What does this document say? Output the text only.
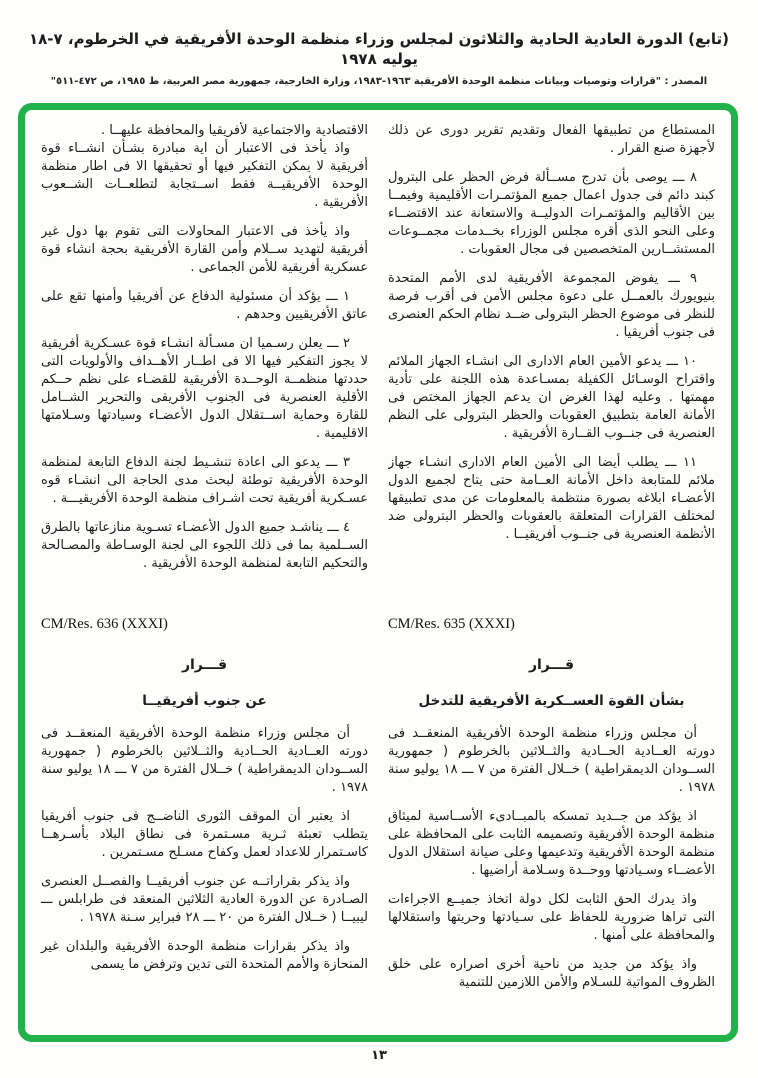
(تابع) الدورة العادية الحادية والثلاثون لمجلس وزراء منظمة الوحدة الأفريقية في الخرطوم، ٧-١٨ يوليه ١٩٧٨
المصدر : "قرارات وتوصيات وبيانات منظمة الوحدة الأفريقية ١٩٦٣-١٩٨٣، وزارة الخارجية، جمهورية مصر العربية، ط ١٩٨٥، ص ٤٧٢-٥١١"

المستطاع من تطبيقها الفعال وتقديم تقرير دورى عن ذلك لأجهزة صنع القرار .

٨ ـــ يوصى بأن تدرج مســألة فرض الحظر على البترول كبند دائم فى جدول اعمال جميع المؤتمـرات الأقليمية وفيمــا بين الأقاليم والمؤتمـرات الدوليــة والاستعانة عند الاقتضــاء وعلى النحو الذى أقره مجلس الوزراء بخــدمات مجمــوعات المستشــارين المتخصصين فى مجال العقوبات .

٩ ـــ يفوض المجموعة الأفريقية لدى الأمم المتحدة بنيويورك بالعمــل على دعوة مجلس الأمن فى أقرب فرصة للنظر فى موضوع الحظر البترولى ضــد نظام الحكم العنصرى فى جنوب أفريقيا .

١٠ ـــ يدعو الأمين العام الادارى الى انشـاء الجهاز الملائم واقتراح الوسـائل الكفيلة بمسـاعدة هذه اللجنة على تأدية مهمتها . وعليه لهذا الغرض ان يدعم الجهاز المختص فى الأمانة العامة بتطبيق العقوبات والحظر البترولى على النظم العنصرية فى جنــوب القــارة الأفريقية .

١١ ـــ يطلب أيضا الى الأمين العام الادارى انشـاء جهاز ملائم للمتابعة داخل الأمانة العــامة حتى يتاح لجميع الدول الأعضـاء ابلاغه بصورة منتظمة بالمعلومات عن مدى تطبيقها لمختلف القرارات المتعلقة بالعقوبات والحظر البترولى ضد الأنظمة العنصرية فى جنــوب أفريقيــا .

CM/Res. 635 (XXXI)
قـــرار
بشأن القوة العســكرية الأفريقية للتدخل

أن مجلس وزراء منظمة الوحدة الأفريقية المنعقــد فى دورته العــادية الحــادية والثــلاثين بالخرطوم ( جمهورية الســودان الديمقراطية ) خــلال الفترة من ٧ ـــ ١٨ يوليو سنة ١٩٧٨ .

اذ يؤكد من جــديد تمسكه بالمبــادىء الأســاسية لميثاق منظمة الوحدة الأفريقية وتصميمه الثابت على المحافظة على منظمة الوحدة الأفريقية وتدعيمها وعلى صيانة استقلال الدول الأعضــاء وسـيادتها ووحــدة وسـلامة أراضيها .

واذ يدرك الحق الثابت لكل دولة اتخاذ جميــع الاجراءات التى تراها ضرورية للحفاظ على سـيادتها وحريتها واستقلالها والمحافظة على أمنها .

واذ يؤكد من جديد من ناحية أخرى اصراره على خلق الظروف المواتية للسـلام والأمن اللازمين للتنمية

الاقتصادية والاجتماعية لأفريقيا والمحافظة عليهــا .

واذ يأخذ فى الاعتبار أن اية مبادرة بشـأن انشــاء قوة أفريقية لا يمكن التفكير فيها أو تحقيقها الا فى اطار منظمة الوحدة الأفريقيــة فقط اســتجابة لتطلعــات الشــعوب الأفريقية .

واذ يأخذ فى الاعتبار المحاولات التى تقوم بها دول غير أفريقية لتهديد ســلام وأمن القارة الأفريقية بحجة انشاء قوة عسكرية أفريقية للأمن الجماعى .

١ ـــ يؤكد أن مسئولية الدفاع عن أفريقيا وأمنها تقع على عاتق الأفريقيين وحدهم .

٢ ـــ يعلن رسـميا ان مسـألة انشـاء قوة عسـكرية أفريقية لا يجوز التفكير فيها الا فى اطــار الأهــداف والأولويات التى حددتها منظمــة الوحــدة الأفريقية للقضـاء على نظم حــكم الأقلية العنصرية فى الجنوب الأفريقى والتحرير الشــامل للقارة وحماية اســتقلال الدول الأعضـاء وسيادتها وسـلامتها الاقليمية .

٣ ـــ يدعو الى اعادة تنشـيط لجنة الدفاع التابعة لمنظمة الوحدة الأفريقية توطئة لبحث مدى الحاجة الى انشـاء قوه عسـكرية أفريقية تحت اشـراف منظمة الوحدة الأفريقيـــة .

٤ ـــ يناشـد جميع الدول الأعضـاء تسـوية منازعاتها بالطرق الســلمية بما فى ذلك اللجوء الى لجنة الوسـاطة والمصـالحة والتحكيم التابعة لمنظمة الوحدة الأفريقية .

CM/Res. 636 (XXXI)
قـــرار
عن جنوب أفريقيــا

أن مجلس وزراء منظمة الوحدة الأفريقية المنعقــد فى دورته العــادية الحــادية والثــلاثين بالخرطوم ( جمهورية الســودان الديمقراطية ) خــلال الفترة من ٧ ـــ ١٨ يوليو سنة ١٩٧٨ .

اذ يعتبر أن الموقف الثورى الناضــج فى جنوب أفريقيا يتطلب تعبئة ثـرية مسـتمرة فى نطاق البلاد بأسـرهــا كاسـتمرار للاعداد لعمل وكفاح مسـلح مسـتمرين .

واذ يذكر بقراراتــه عن جنوب أفريقيــا والفصــل العنصرى الصـادرة عن الدورة العادية الثلاثين المنعقد فى طرابلس ـــ ليبيــا ( خــلال الفترة من ٢٠ ـــ ٢٨ فبراير سـنة ١٩٧٨ .

واذ يذكر بقرارات منظمة الوحدة الأفريقية والبلدان غير المنحازة والأمم المتحدة التى تدين وترفض ما يسمى

١٣
